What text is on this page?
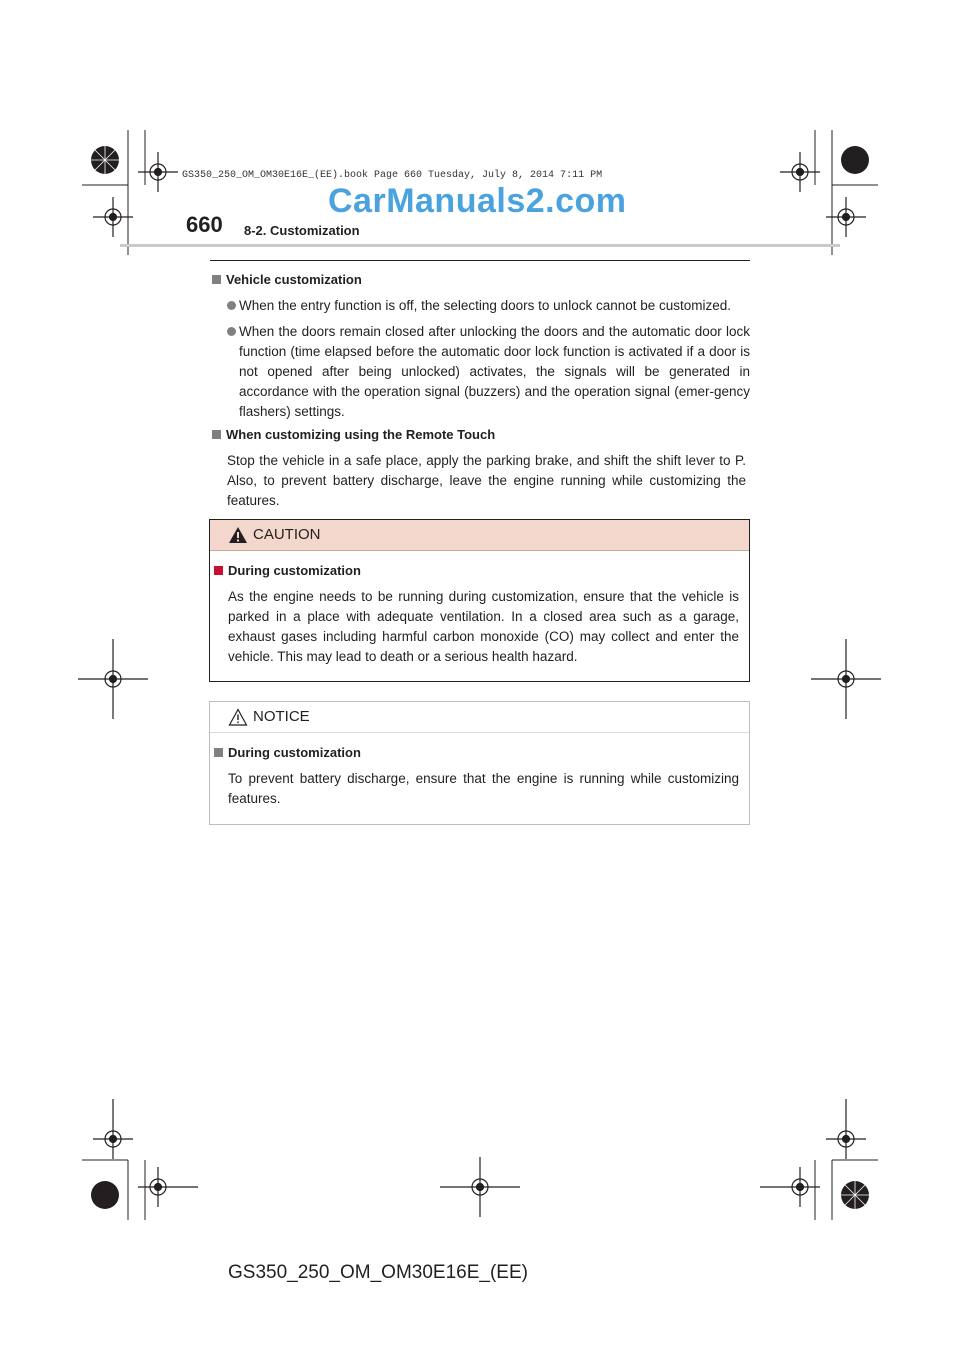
GS350_250_OM_OM30E16E_(EE).book Page 660 Tuesday, July 8, 2014 7:11 PM
CarManuals2.com
660 8-2. Customization
Vehicle customization
When the entry function is off, the selecting doors to unlock cannot be customized.
When the doors remain closed after unlocking the doors and the automatic door lock function (time elapsed before the automatic door lock function is activated if a door is not opened after being unlocked) activates, the signals will be generated in accordance with the operation signal (buzzers) and the operation signal (emer-gency flashers) settings.
When customizing using the Remote Touch
Stop the vehicle in a safe place, apply the parking brake, and shift the shift lever to P. Also, to prevent battery discharge, leave the engine running while customizing the features.
CAUTION
During customization
As the engine needs to be running during customization, ensure that the vehicle is parked in a place with adequate ventilation. In a closed area such as a garage, exhaust gases including harmful carbon monoxide (CO) may collect and enter the vehicle. This may lead to death or a serious health hazard.
NOTICE
During customization
To prevent battery discharge, ensure that the engine is running while customizing features.
GS350_250_OM_OM30E16E_(EE)
